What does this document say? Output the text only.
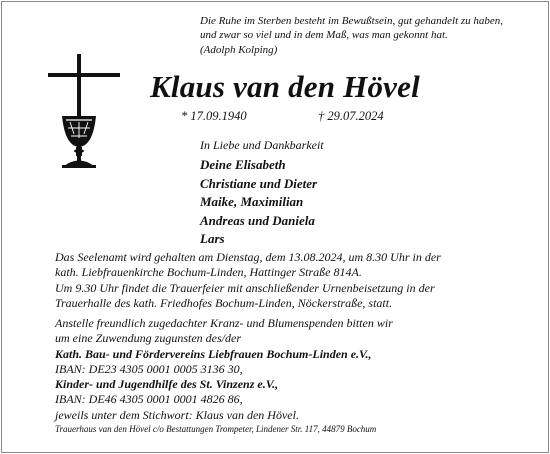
Die Ruhe im Sterben besteht im Bewußtsein, gut gehandelt zu haben,
und zwar so viel und in dem Maß, was man gekonnt hat.
(Adolph Kolping)
Klaus van den Hövel
* 17.09.1940	† 29.07.2024
In Liebe und Dankbarkeit
Deine Elisabeth
Christiane und Dieter
Maike, Maximilian
Andreas und Daniela
Lars
Das Seelenamt wird gehalten am Dienstag, dem 13.08.2024, um 8.30 Uhr in der
kath. Liebfrauenkirche Bochum-Linden, Hattinger Straße 814A.
Um 9.30 Uhr findet die Trauerfeier mit anschließender Urnenbeisetzung in der
Trauerhalle des kath. Friedhofes Bochum-Linden, Nöckerstraße, statt.
Anstelle freundlich zugedachter Kranz- und Blumenspenden bitten wir
um eine Zuwendung zugunsten des/der
Kath. Bau- und Fördervereins Liebfrauen Bochum-Linden e.V.,
IBAN: DE23 4305 0001 0005 3136 30,
Kinder- und Jugendhilfe des St. Vinzenz e.V.,
IBAN: DE46 4305 0001 0001 4826 86,
jeweils unter dem Stichwort: Klaus van den Hövel.
Trauerhaus van den Hövel c/o Bestattungen Trompeter, Lindener Str. 117, 44879 Bochum
